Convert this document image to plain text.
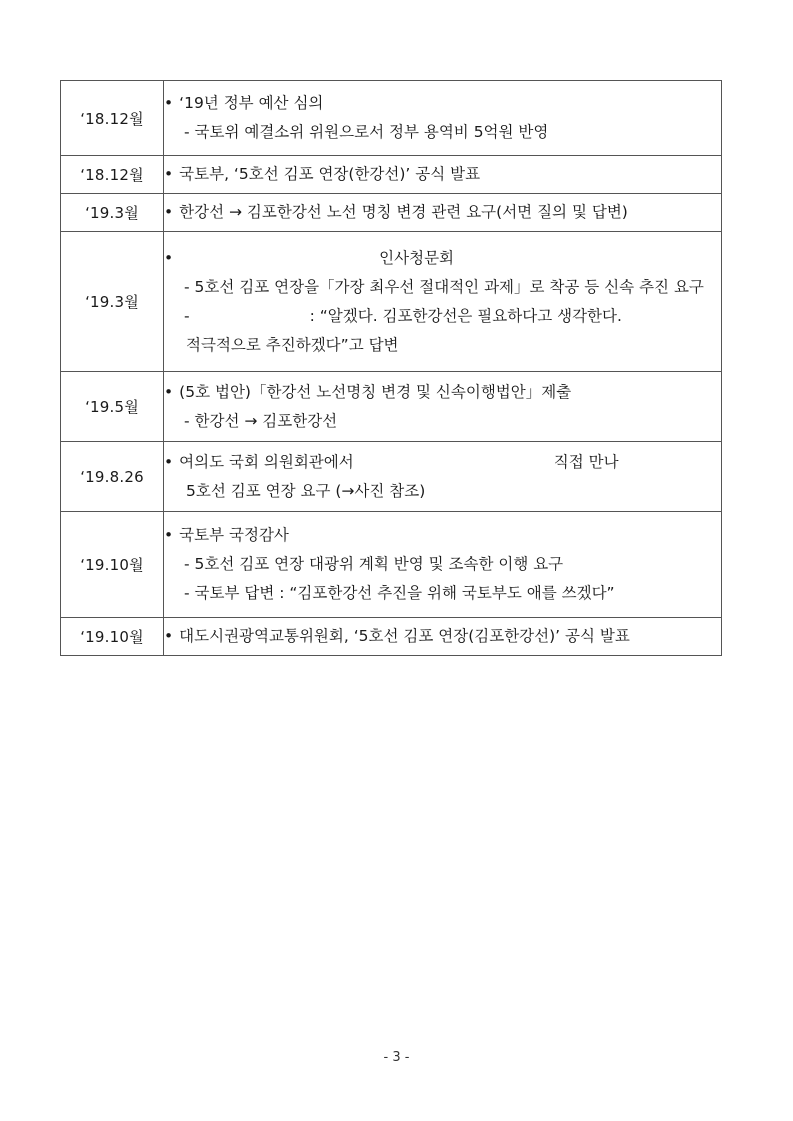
‘18.12월	• ‘19년 정부 예산 심의
- 국토위 예결소위 위원으로서 정부 용역비 5억원 반영

‘18.12월	• 국토부, ‘5호선 김포 연장(한강선)’ 공식 발표

‘19.3월	• 한강선 → 김포한강선 노선 명칭 변경 관련 요구(서면 질의 및 답변)

‘19.3월	• 인사청문회
- 5호선 김포 연장을「가장 최우선 절대적인 과제」로 착공 등 신속 추진 요구
- : “알겠다. 김포한강선은 필요하다고 생각한다.
적극적으로 추진하겠다”고 답변

‘19.5월	• (5호 법안)「한강선 노선명칭 변경 및 신속이행법안」제출
- 한강선 → 김포한강선

‘19.8.26	• 여의도 국회 의원회관에서 직접 만나
5호선 김포 연장 요구 (→사진 참조)

‘19.10월	• 국토부 국정감사
- 5호선 김포 연장 대광위 계획 반영 및 조속한 이행 요구
- 국토부 답변 : “김포한강선 추진을 위해 국토부도 애를 쓰겠다”

‘19.10월	• 대도시권광역교통위원회, ‘5호선 김포 연장(김포한강선)’ 공식 발표
- 3 -
